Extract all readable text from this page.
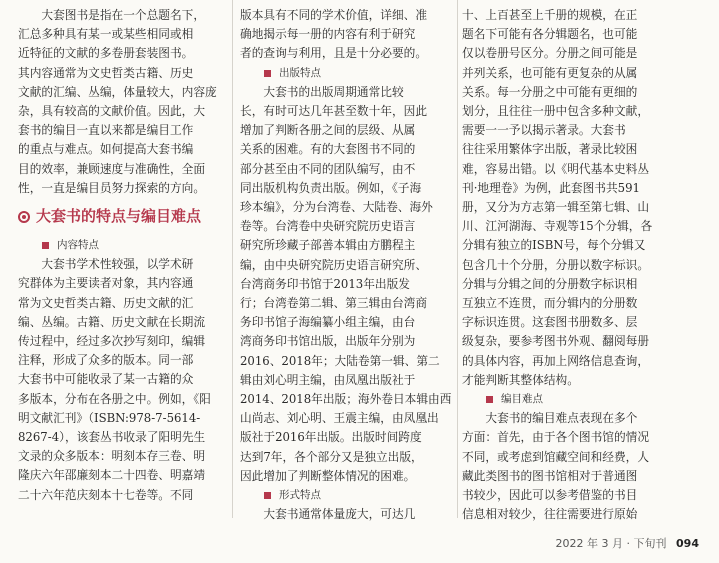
　　大套图书是指在一个总题名下，
汇总多种具有某一或某些相同或相
近特征的文献的多卷册套装图书。
其内容通常为文史哲类古籍、历史
文献的汇编、丛编，体量较大，内容庞
杂，具有较高的文献价值。因此，大
套书的编目一直以来都是编目工作
的重点与难点。如何提高大套书编
目的效率，兼顾速度与准确性，全面
性，一直是编目员努力探索的方向。
大套书的特点与编目难点
内容特点
　　大套书学术性较强，以学术研
究群体为主要读者对象，其内容通
常为文史哲类古籍、历史文献的汇
编、丛编。古籍、历史文献在长期流
传过程中，经过多次抄写刻印，编辑
注释，形成了众多的版本。同一部
大套书中可能收录了某一古籍的众
多版本，分布在各册之中。例如，《阳
明文献汇刊》（ISBN:978-7-5614-
8267-4），该套丛书收录了阳明先生
文录的众多版本：明刻本存三卷、明
隆庆六年邵廉刻本二十四卷、明嘉靖
二十六年范庆刻本十七卷等。不同
版本具有不同的学术价值，详细、准
确地揭示每一册的内容有利于研究
者的查询与利用，且是十分必要的。
出版特点
　　大套书的出版周期通常比较
长，有时可达几年甚至数十年，因此
增加了判断各册之间的层级、从属
关系的困难。有的大套图书不同的
部分甚至由不同的团队编写，由不
同出版机构负责出版。例如，《子海
珍本编》，分为台湾卷、大陆卷、海外
卷等。台湾卷中央研究院历史语言
研究所珍藏子部善本辑由方鹏程主
编，由中央研究院历史语言研究所、
台湾商务印书馆于2013年出版发
行；台湾卷第二辑、第三辑由台湾商
务印书馆子海编纂小组主编，由台
湾商务印书馆出版，出版年分别为
2016、2018年；大陆卷第一辑、第二
辑由刘心明主编，由凤凰出版社于
2014、2018年出版；海外卷日本辑由西
山尚志、刘心明、王震主编，由凤凰出
版社于2016年出版。出版时间跨度
达到7年，各个部分又是独立出版，
因此增加了判断整体情况的困难。
形式特点
　　大套书通常体量庞大，可达几
十、上百甚至上千册的规模，在正
题名下可能有各分辑题名，也可能
仅以卷册号区分。分册之间可能是
并列关系，也可能有更复杂的从属
关系。每一分册之中可能有更细的
划分，且往往一册中包含多种文献，
需要一一予以揭示著录。大套书
往往采用繁体字出版，著录比较困
难，容易出错。以《明代基本史料丛
刊·地理卷》为例，此套图书共591
册，又分为方志第一辑至第七辑、山
川、江河湖海、寺观等15个分辑，各
分辑有独立的ISBN号，每个分辑又
包含几十个分册，分册以数字标识。
分辑与分辑之间的分册数字标识相
互独立不连贯，而分辑内的分册数
字标识连贯。这套图书册数多、层
级复杂，要参考图书外观、翻阅每册
的具体内容，再加上网络信息查询，
才能判断其整体结构。
编目难点
　　大套书的编目难点表现在多个
方面：首先，由于各个图书馆的情况
不同，或考虑到馆藏空间和经费，人
藏此类图书的图书馆相对于普通图
书较少，因此可以参考借鉴的书目
信息相对较少，往往需要进行原始
2022 年 3 月 · 下旬刊 094
